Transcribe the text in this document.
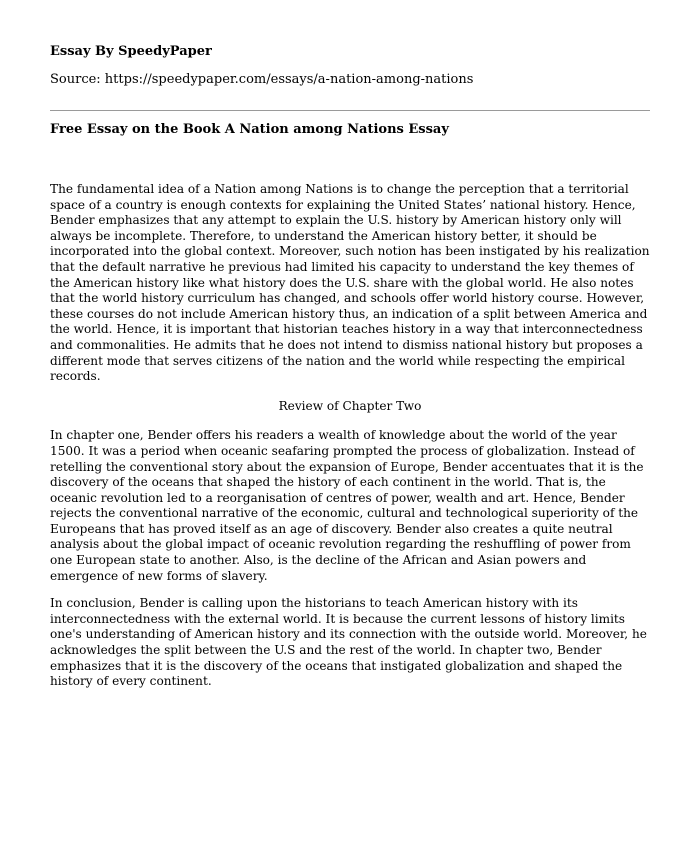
Essay By SpeedyPaper
Source: https://speedypaper.com/essays/a-nation-among-nations
Free Essay on the Book A Nation among Nations Essay

The fundamental idea of a Nation among Nations is to change the perception that a territorial space of a country is enough contexts for explaining the United States’ national history. Hence, Bender emphasizes that any attempt to explain the U.S. history by American history only will always be incomplete. Therefore, to understand the American history better, it should be incorporated into the global context. Moreover, such notion has been instigated by his realization that the default narrative he previous had limited his capacity to understand the key themes of the American history like what history does the U.S. share with the global world. He also notes that the world history curriculum has changed, and schools offer world history course. However, these courses do not include American history thus, an indication of a split between America and the world. Hence, it is important that historian teaches history in a way that interconnectedness and commonalities. He admits that he does not intend to dismiss national history but proposes a different mode that serves citizens of the nation and the world while respecting the empirical records.

Review of Chapter Two

In chapter one, Bender offers his readers a wealth of knowledge about the world of the year 1500. It was a period when oceanic seafaring prompted the process of globalization. Instead of retelling the conventional story about the expansion of Europe, Bender accentuates that it is the discovery of the oceans that shaped the history of each continent in the world. That is, the oceanic revolution led to a reorganisation of centres of power, wealth and art. Hence, Bender rejects the conventional narrative of the economic, cultural and technological superiority of the Europeans that has proved itself as an age of discovery. Bender also creates a quite neutral analysis about the global impact of oceanic revolution regarding the reshuffling of power from one European state to another. Also, is the decline of the African and Asian powers and emergence of new forms of slavery.

In conclusion, Bender is calling upon the historians to teach American history with its interconnectedness with the external world. It is because the current lessons of history limits one's understanding of American history and its connection with the outside world. Moreover, he acknowledges the split between the U.S and the rest of the world. In chapter two, Bender emphasizes that it is the discovery of the oceans that instigated globalization and shaped the history of every continent.
